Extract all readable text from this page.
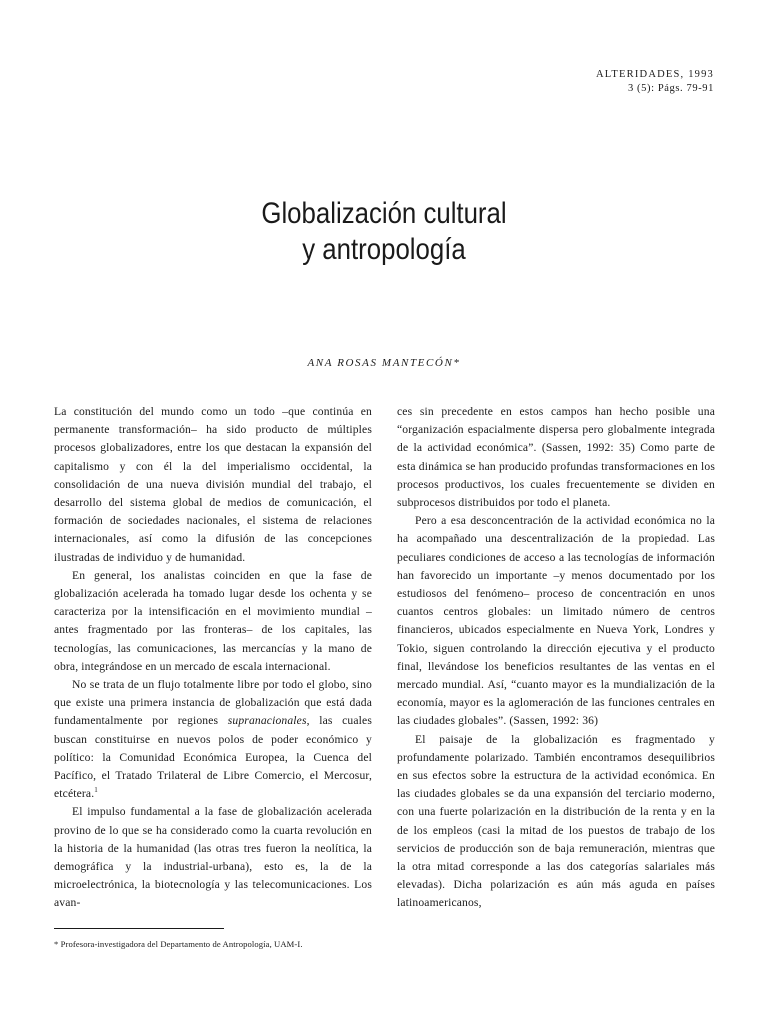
ALTERIDADES, 1993
3 (5): Págs. 79-91
Globalización cultural
y antropología
ANA ROSAS MANTECÓN*

La constitución del mundo como un todo –que continúa en permanente transformación– ha sido producto de múltiples procesos globalizadores, entre los que destacan la expansión del capitalismo y con él la del imperialismo occidental, la consolidación de una nueva división mundial del trabajo, el desarrollo del sistema global de medios de comunicación, el formación de sociedades nacionales, el sistema de relaciones internacionales, así como la difusión de las concepciones ilustradas de individuo y de humanidad.

En general, los analistas coinciden en que la fase de globalización acelerada ha tomado lugar desde los ochenta y se caracteriza por la intensificación en el movimiento mundial –antes fragmentado por las fronteras– de los capitales, las tecnologías, las comunicaciones, las mercancías y la mano de obra, integrándose en un mercado de escala internacional.

No se trata de un flujo totalmente libre por todo el globo, sino que existe una primera instancia de globalización que está dada fundamentalmente por regiones supranacionales, las cuales buscan constituirse en nuevos polos de poder económico y político: la Comunidad Económica Europea, la Cuenca del Pacífico, el Tratado Trilateral de Libre Comercio, el Mercosur, etcétera.$^1$

El impulso fundamental a la fase de globalización acelerada provino de lo que se ha considerado como la cuarta revolución en la historia de la humanidad (las otras tres fueron la neolítica, la demográfica y la industrial-urbana), esto es, la de la microelectrónica, la biotecnología y las telecomunicaciones. Los avan-

ces sin precedente en estos campos han hecho posible una “organización espacialmente dispersa pero globalmente integrada de la actividad económica”. (Sassen, 1992: 35) Como parte de esta dinámica se han producido profundas transformaciones en los procesos productivos, los cuales frecuentemente se dividen en subprocesos distribuidos por todo el planeta.

Pero a esa desconcentración de la actividad económica no la ha acompañado una descentralización de la propiedad. Las peculiares condiciones de acceso a las tecnologías de información han favorecido un importante –y menos documentado por los estudiosos del fenómeno– proceso de concentración en unos cuantos centros globales: un limitado número de centros financieros, ubicados especialmente en Nueva York, Londres y Tokio, siguen controlando la dirección ejecutiva y el producto final, llevándose los beneficios resultantes de las ventas en el mercado mundial. Así, “cuanto mayor es la mundialización de la economía, mayor es la aglomeración de las funciones centrales en las ciudades globales”. (Sassen, 1992: 36)

El paisaje de la globalización es fragmentado y profundamente polarizado. También encontramos desequilibrios en sus efectos sobre la estructura de la actividad económica. En las ciudades globales se da una expansión del terciario moderno, con una fuerte polarización en la distribución de la renta y en la de los empleos (casi la mitad de los puestos de trabajo de los servicios de producción son de baja remuneración, mientras que la otra mitad corresponde a las dos categorías salariales más elevadas). Dicha polarización es aún más aguda en países latinoamericanos,

* Profesora-investigadora del Departamento de Antropología, UAM-I.
